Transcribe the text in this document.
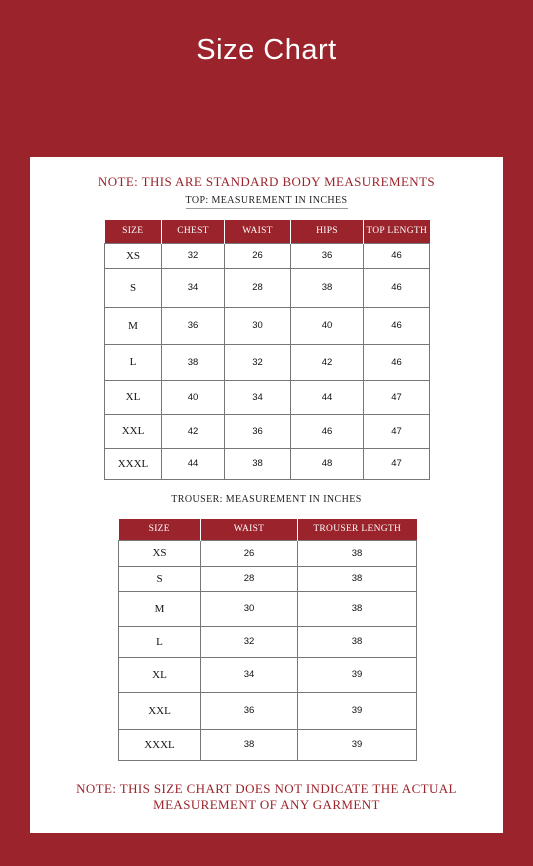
Size Chart
NOTE: THIS ARE STANDARD BODY MEASUREMENTS
TOP: MEASUREMENT IN INCHES
SIZE	CHEST	WAIST	HIPS	TOP LENGTH
XS	32	26	36	46
S	34	28	38	46
M	36	30	40	46
L	38	32	42	46
XL	40	34	44	47
XXL	42	36	46	47
XXXL	44	38	48	47
TROUSER: MEASUREMENT IN INCHES
SIZE	WAIST	TROUSER LENGTH
XS	26	38
S	28	38
M	30	38
L	32	38
XL	34	39
XXL	36	39
XXXL	38	39
NOTE: THIS SIZE CHART DOES NOT INDICATE THE ACTUAL
MEASUREMENT OF ANY GARMENT
